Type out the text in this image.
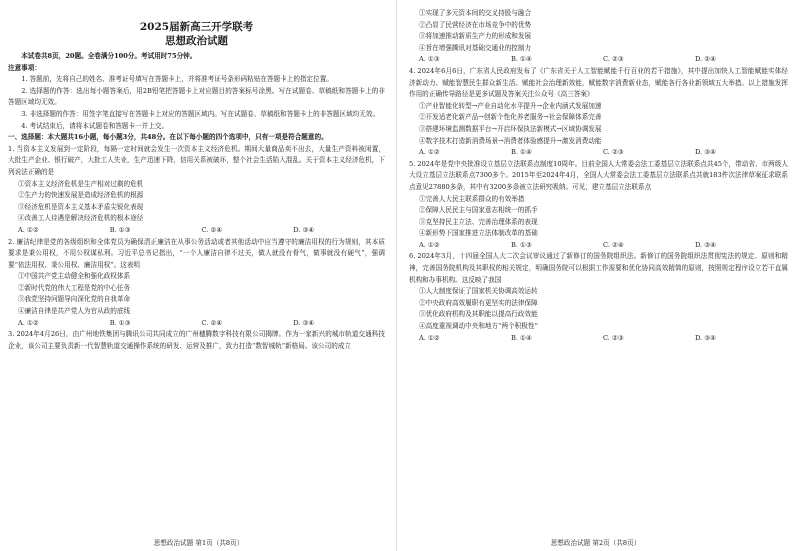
2025届新高三开学联考
思想政治试题

本试卷共8页，20题。全卷满分100分。考试用时75分钟。

注意事项：

1. 答题前，先将自己的姓名、准考证号填写在答题卡上，并将准考证号条形码粘贴在答题卡上的指定位置。

2. 选择题的作答：选出每小题答案后，用2B铅笔把答题卡上对应题目的答案标号涂黑。写在试题卷、草稿纸和答题卡上的非答题区域均无效。

3. 非选择题的作答：用签字笔直接写在答题卡上对应的答题区域内。写在试题卷、草稿纸和答题卡上的非答题区域均无效。

4. 考试结束后，请将本试题卷和答题卡一并上交。

一、选择题：本大题共16小题，每小题3分，共48分。在以下每小题的四个选项中，只有一项是符合题意的。

1. 当资本主义发展到一定阶段，每隔一定时间就会发生一次资本主义经济危机。期间大量商品卖不出去，大量生产资料被闲置，大批生产企业、银行破产，大批工人失业，生产迅速下降，信用关系被破坏，整个社会生活陷入混乱。关于资本主义经济危机，下列说法正确的是

①资本主义经济危机是生产相对过剩的危机
②生产力的快速发展是造成经济危机的根源
③经济危机是资本主义基本矛盾尖锐化表现
④改善工人待遇是解决经济危机的根本途径
A. ①②	B. ①③	C. ②④	D. ③④

2. 廉洁纪律是党的各级组织和全体党员为确保清正廉洁在从事公务活动或者其他活动中应当遵守的廉洁用权的行为规则，其本质要求是秉公用权，不用公权谋私利。习近平总书记指出，“一个人廉洁自律不过关，做人就没有骨气，做事就没有硬气”，强调要“依法用权、秉公用权、廉洁用权”。这表明

①中国共产党主动健全和强化政权体系
②新时代党的伟大工程是党的中心任务
③我党坚持问题导向深化党的自我革命
④廉洁自律是共产党人为官从政的底线
A. ①②	B. ①③	C. ②④	D. ③④

3. 2024年4月26日，由广州地铁集团与腾讯公司共同成立的广州穗腾数字科技有限公司揭牌。作为一家新兴的城市轨道交通科技企业，该公司主要负责新一代智慧轨道交通操作系统的研发、运营及推广，致力打造“数智城轨”新格局。该公司的成立

思想政治试题 第1页（共8页）
①实现了多元资本间的交叉持股与融合
②凸显了民营经济在市场竞争中的优势
③将加速推动新质生产力的形成和发展
④旨在增强腾讯对基础交通业的控制力
A. ①③	B. ①④	C. ②③	D. ②④

4. 2024年6月6日，广东省人民政府发布了《广东省关于人工智能赋能千行百业的若干措施》，其中提出加快人工智能赋能实体经济新动力、赋能智慧民生群众新生活、赋能社会治理新效能，赋能数字消费新业态，赋能各行各业新领域五大举措。以上措施发挥作用的正确传导路径是更多试题及答案关注公众号《高三答案》

①产业智能化转型→产业自动化水平提升→企业内涵式发展加速
②开发适老化新产品→创新个性化养老服务→社会保障体系完善
③搭建环境监测数据平台→开启环保执法新模式→区域协调发展
④数字技术打造新消费场景→消费者体验感提升→激发消费动能
A. ①②	B. ①④	C. ②③	D. ③④

5. 2024年是党中央批准设立基层立法联系点制度10周年。目前全国人大常委会法工委基层立法联系点共45个，带动省、市两级人大设立基层立法联系点7300多个。2015年至2024年4月，全国人大常委会法工委基层立法联系点共就183件次法律草案征求联系点意见27880多条，其中有3200多条被立法研究吸纳。可见，建立基层立法联系点

①完善人大民主联系群众的有效举措
②保障人民民主与国家意志相统一的抓手
③克坚持民主立法、完善治理体系的表现
④新形势下国家推进立法体制改革的基础
A. ①②	B. ①③	C. ②④	D. ③④

6. 2024年3月，十四届全国人大二次会议审议通过了新修订的国务院组织法。新修订的国务院组织法贯彻宪法的规定、原则和精神，完善国务院机构及其职权的相关规定，明确国务院可以根据工作需要和优化协同高效精简的原则，按照规定程序设立若干直属机构和办事机构。这反映了我国

①人大制度保证了国家机关协调高效运转
②中央政府高效履职有更坚实的法律保障
③优化政府机构及其职能以提高行政效能
④高度重视调动中央和地方“两个积极性”
A. ①②	B. ①④	C. ②③	D. ③④
思想政治试题 第2页（共8页）
